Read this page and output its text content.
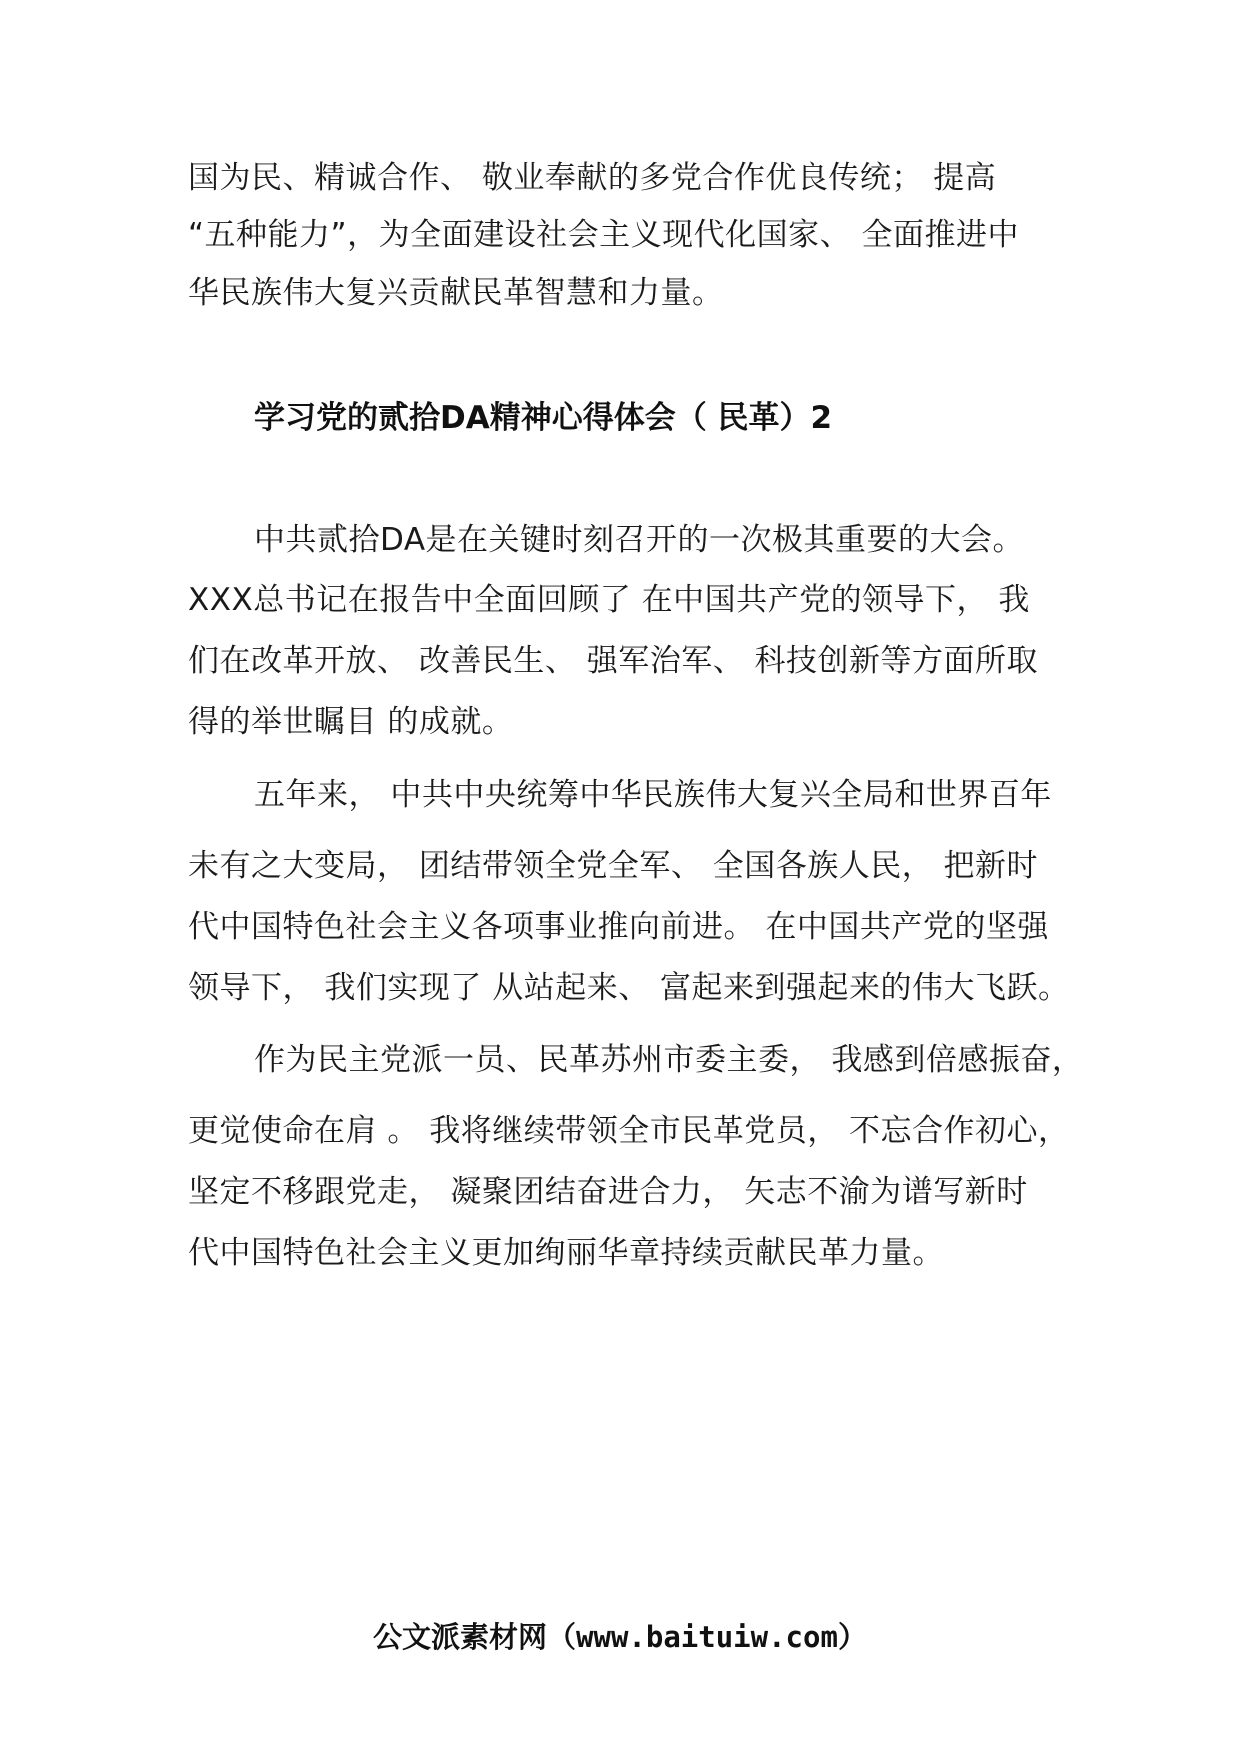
国为民、精诚合作、 敬业奉献的多党合作优良传统； 提高
“五种能力”，为全面建设社会主义现代化国家、 全面推进中
华民族伟大复兴贡献民革智慧和力量。
学习党的贰拾DA精神心得体会（ 民革）2
中共贰拾DA是在关键时刻召开的一次极其重要的大会。
XXX总书记在报告中全面回顾了 在中国共产党的领导下， 我
们在改革开放、 改善民生、 强军治军、 科技创新等方面所取
得的举世瞩目 的成就。
五年来， 中共中央统筹中华民族伟大复兴全局和世界百年
未有之大变局， 团结带领全党全军、 全国各族人民， 把新时
代中国特色社会主义各项事业推向前进。 在中国共产党的坚强
领导下， 我们实现了 从站起来、 富起来到强起来的伟大飞跃。
作为民主党派一员、民革苏州市委主委， 我感到倍感振奋，
更觉使命在肩 。 我将继续带领全市民革党员， 不忘合作初心，
坚定不移跟党走， 凝聚团结奋进合力， 矢志不渝为谱写新时
代中国特色社会主义更加绚丽华章持续贡献民革力量。
公文派素材网（www.baituiw.com）
